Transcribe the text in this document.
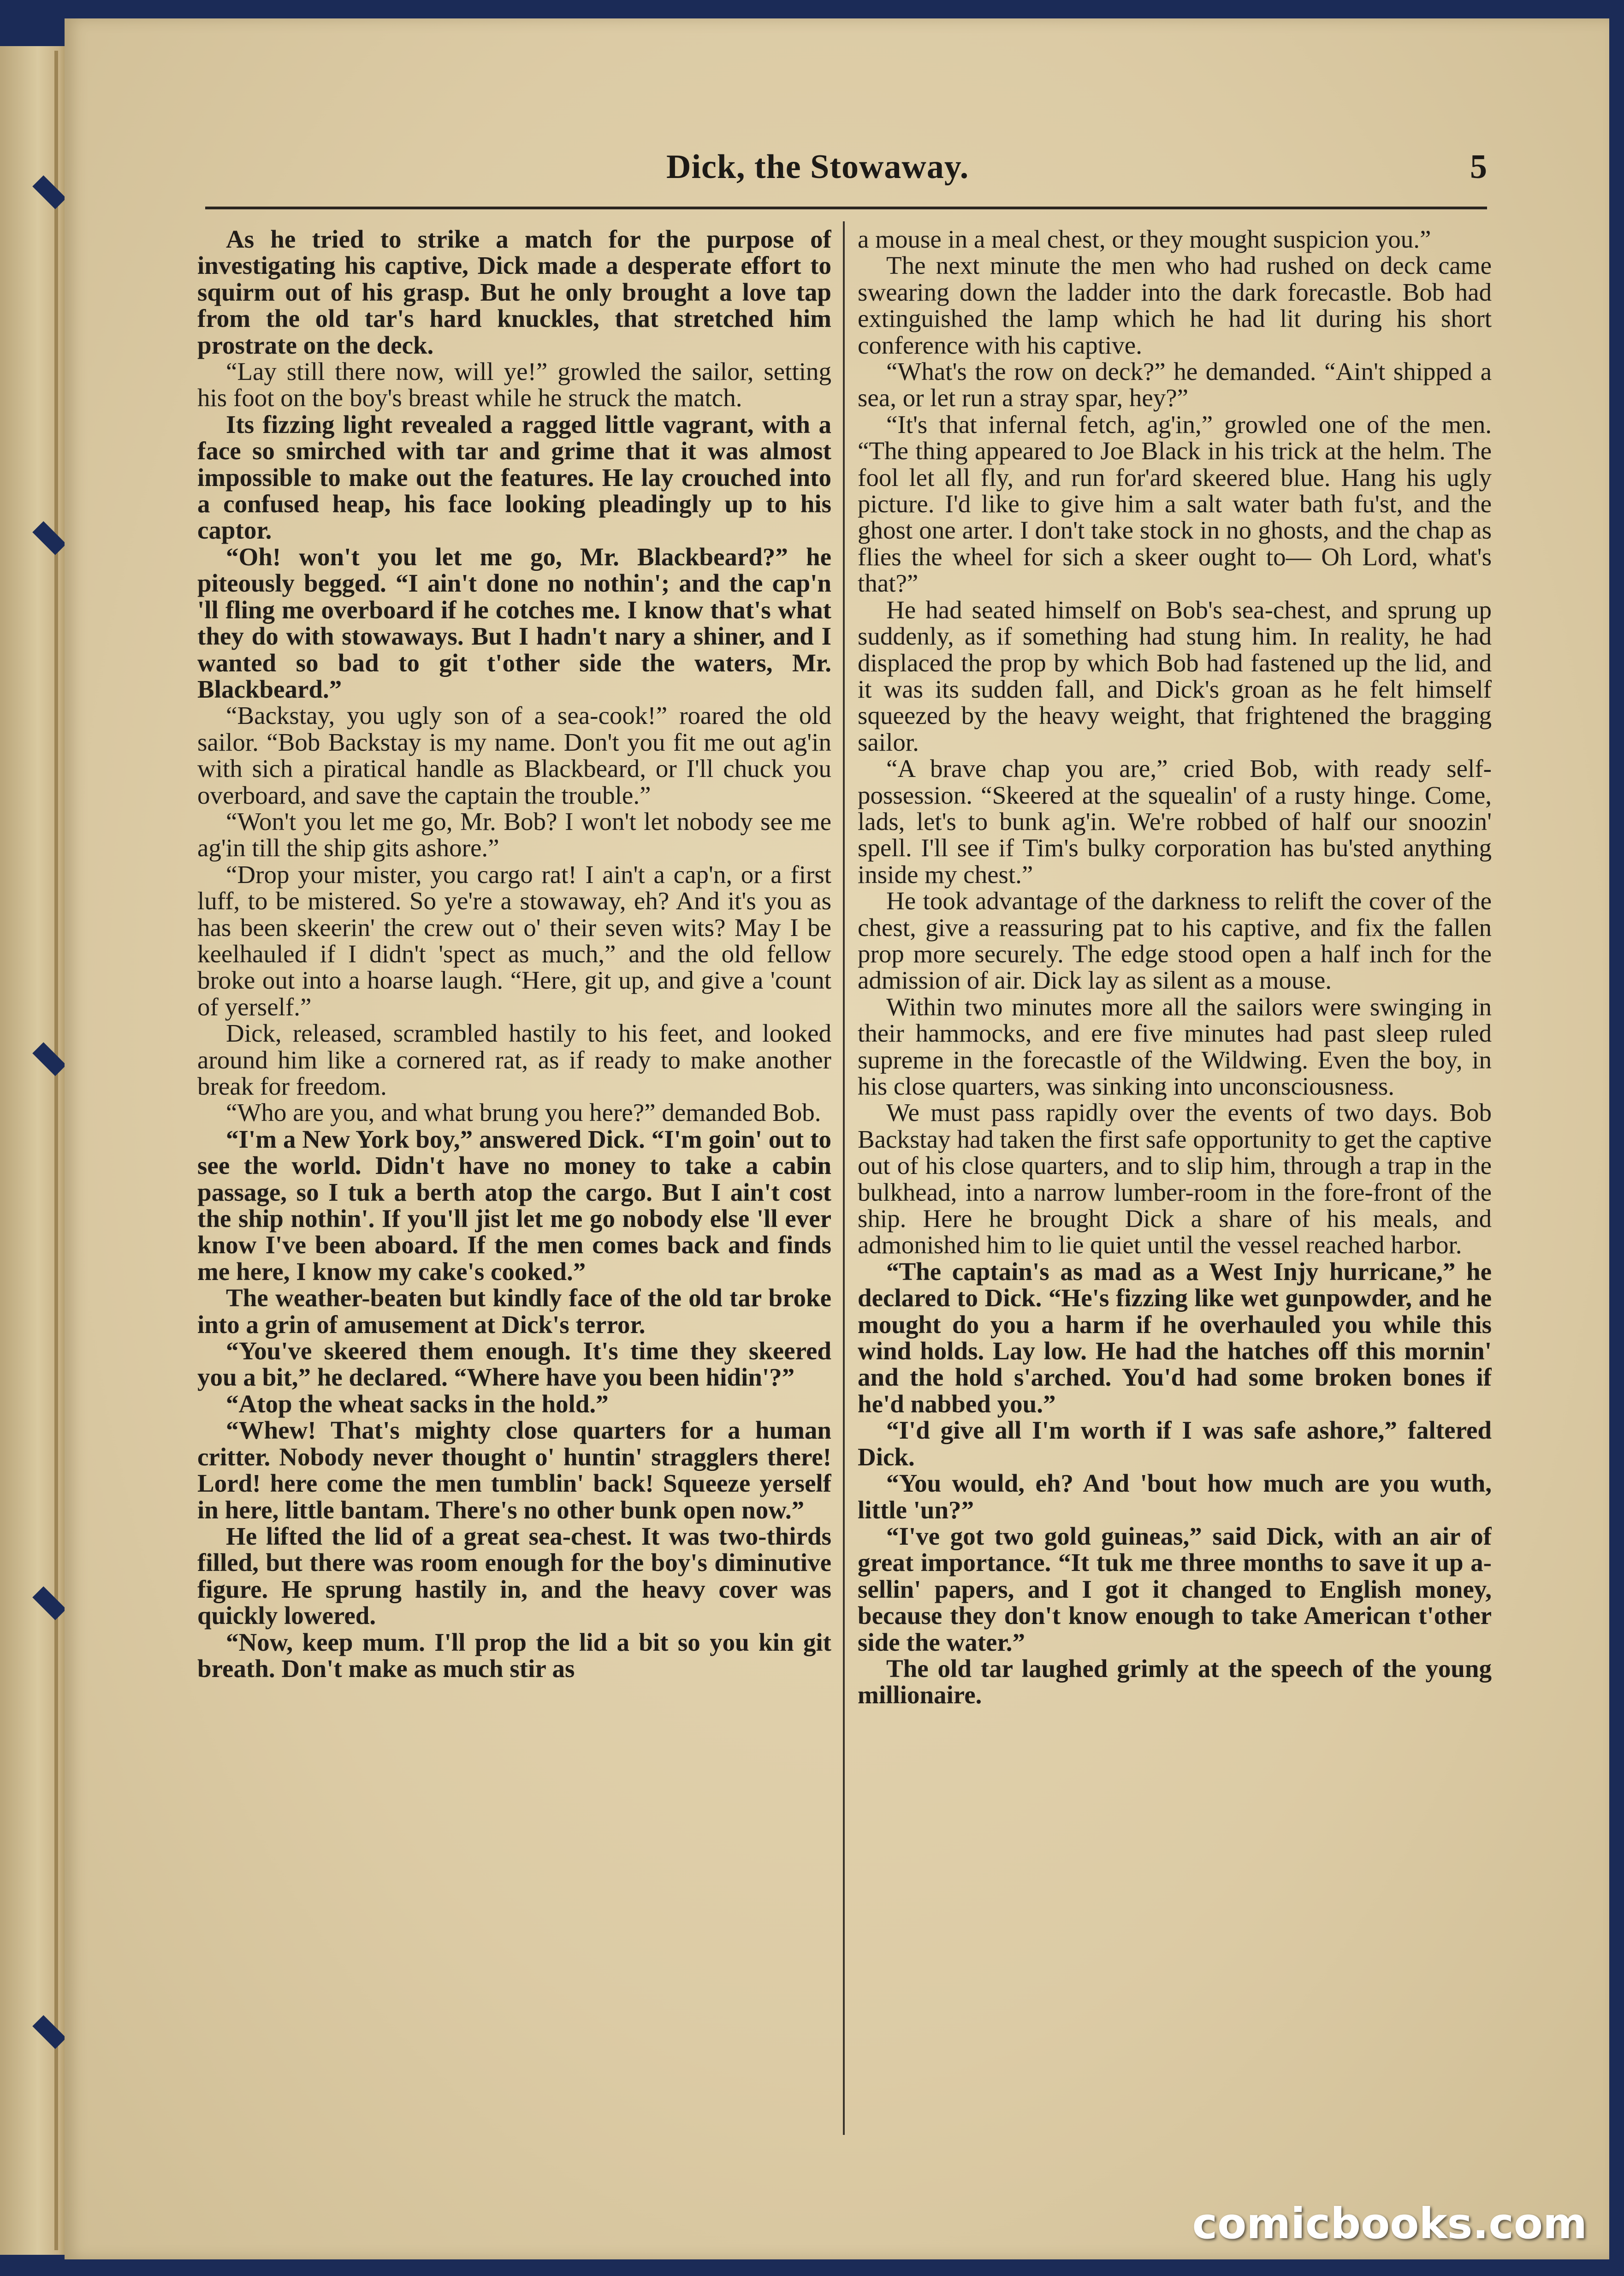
Dick, the Stowaway.	5

As he tried to strike a match for the purpose of investigating his captive, Dick made a desperate effort to squirm out of his grasp. But he only brought a love tap from the old tar's hard knuckles, that stretched him prostrate on the deck.

“Lay still there now, will ye!” growled the sailor, setting his foot on the boy's breast while he struck the match.

Its fizzing light revealed a ragged little vagrant, with a face so smirched with tar and grime that it was almost impossible to make out the features. He lay crouched into a confused heap, his face looking pleadingly up to his captor.

“Oh! won't you let me go, Mr. Blackbeard?” he piteously begged. “I ain't done no nothin'; and the cap'n 'll fling me overboard if he cotches me. I know that's what they do with stowaways. But I hadn't nary a shiner, and I wanted so bad to git t'other side the waters, Mr. Blackbeard.”

“Backstay, you ugly son of a sea-cook!” roared the old sailor. “Bob Backstay is my name. Don't you fit me out ag'in with sich a piratical handle as Blackbeard, or I'll chuck you overboard, and save the captain the trouble.”

“Won't you let me go, Mr. Bob? I won't let nobody see me ag'in till the ship gits ashore.”

“Drop your mister, you cargo rat! I ain't a cap'n, or a first luff, to be mistered. So ye're a stowaway, eh? And it's you as has been skeerin' the crew out o' their seven wits? May I be keelhauled if I didn't 'spect as much,” and the old fellow broke out into a hoarse laugh. “Here, git up, and give a 'count of yerself.”

Dick, released, scrambled hastily to his feet, and looked around him like a cornered rat, as if ready to make another break for freedom.

“Who are you, and what brung you here?” demanded Bob.

“I'm a New York boy,” answered Dick. “I'm goin' out to see the world. Didn't have no money to take a cabin passage, so I tuk a berth atop the cargo. But I ain't cost the ship nothin'. If you'll jist let me go nobody else 'll ever know I've been aboard. If the men comes back and finds me here, I know my cake's cooked.”

The weather-beaten but kindly face of the old tar broke into a grin of amusement at Dick's terror.

“You've skeered them enough. It's time they skeered you a bit,” he declared. “Where have you been hidin'?”

“Atop the wheat sacks in the hold.”

“Whew! That's mighty close quarters for a human critter. Nobody never thought o' huntin' stragglers there! Lord! here come the men tumblin' back! Squeeze yerself in here, little bantam. There's no other bunk open now.”

He lifted the lid of a great sea-chest. It was two-thirds filled, but there was room enough for the boy's diminutive figure. He sprung hastily in, and the heavy cover was quickly lowered.

“Now, keep mum. I'll prop the lid a bit so you kin git breath. Don't make as much stir as

a mouse in a meal chest, or they mought suspicion you.”

The next minute the men who had rushed on deck came swearing down the ladder into the dark forecastle. Bob had extinguished the lamp which he had lit during his short conference with his captive.

“What's the row on deck?” he demanded. “Ain't shipped a sea, or let run a stray spar, hey?”

“It's that infernal fetch, ag'in,” growled one of the men. “The thing appeared to Joe Black in his trick at the helm. The fool let all fly, and run for'ard skeered blue. Hang his ugly picture. I'd like to give him a salt water bath fu'st, and the ghost one arter. I don't take stock in no ghosts, and the chap as flies the wheel for sich a skeer ought to— Oh Lord, what's that?”

He had seated himself on Bob's sea-chest, and sprung up suddenly, as if something had stung him. In reality, he had displaced the prop by which Bob had fastened up the lid, and it was its sudden fall, and Dick's groan as he felt himself squeezed by the heavy weight, that frightened the bragging sailor.

“A brave chap you are,” cried Bob, with ready self-possession. “Skeered at the squealin' of a rusty hinge. Come, lads, let's to bunk ag'in. We're robbed of half our snoozin' spell. I'll see if Tim's bulky corporation has bu'sted anything inside my chest.”

He took advantage of the darkness to relift the cover of the chest, give a reassuring pat to his captive, and fix the fallen prop more securely. The edge stood open a half inch for the admission of air. Dick lay as silent as a mouse.

Within two minutes more all the sailors were swinging in their hammocks, and ere five minutes had past sleep ruled supreme in the forecastle of the Wildwing. Even the boy, in his close quarters, was sinking into unconsciousness.

We must pass rapidly over the events of two days. Bob Backstay had taken the first safe opportunity to get the captive out of his close quarters, and to slip him, through a trap in the bulkhead, into a narrow lumber-room in the fore-front of the ship. Here he brought Dick a share of his meals, and admonished him to lie quiet until the vessel reached harbor.

“The captain's as mad as a West Injy hurricane,” he declared to Dick. “He's fizzing like wet gunpowder, and he mought do you a harm if he overhauled you while this wind holds. Lay low. He had the hatches off this mornin' and the hold s'arched. You'd had some broken bones if he'd nabbed you.”

“I'd give all I'm worth if I was safe ashore,” faltered Dick.

“You would, eh? And 'bout how much are you wuth, little 'un?”

“I've got two gold guineas,” said Dick, with an air of great importance. “It tuk me three months to save it up a-sellin' papers, and I got it changed to English money, because they don't know enough to take American t'other side the water.”

The old tar laughed grimly at the speech of the young millionaire.

comicbooks.com
